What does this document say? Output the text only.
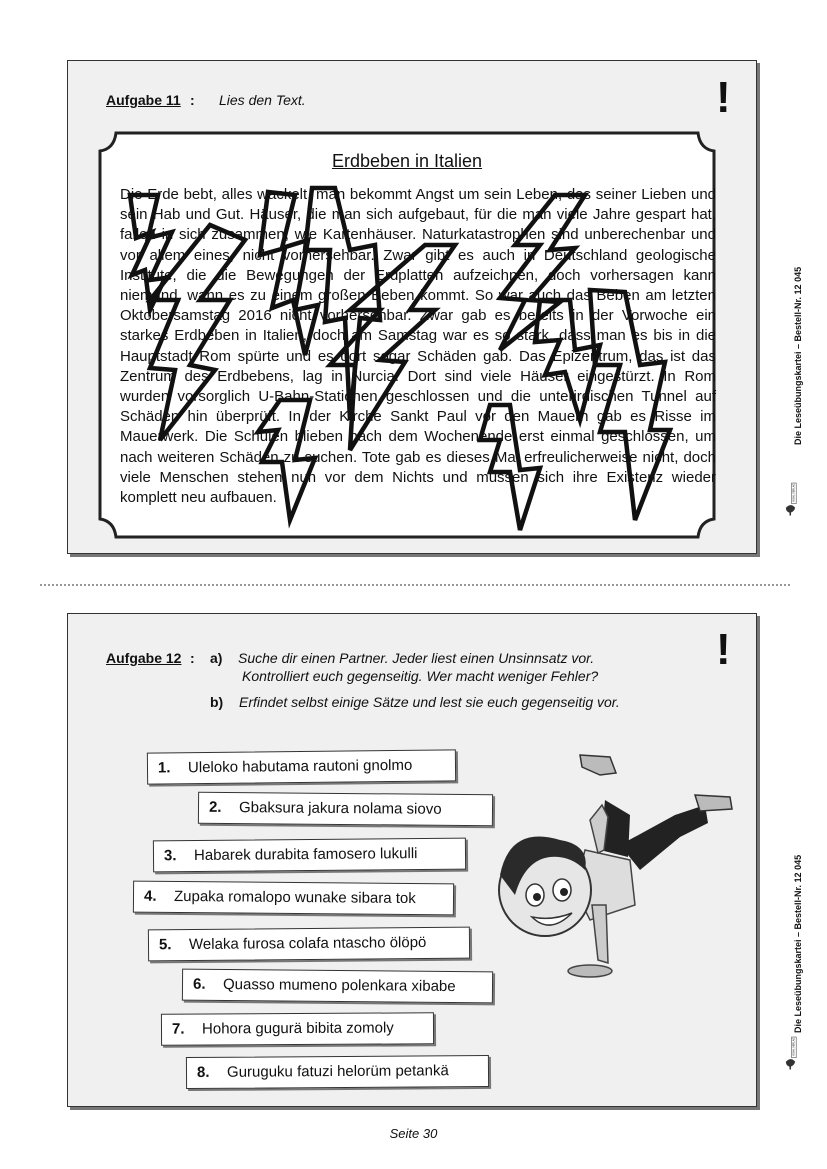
Aufgabe 11 : Lies den Text.	!
Erdbeben in Italien
Die Erde bebt, alles wackelt, man bekommt Angst um sein Leben, das seiner Lieben und sein Hab und Gut. Häuser, die man sich aufgebaut, für die man viele Jahre gespart hat, fallen in sich zusammen, wie Kartenhäuser. Naturkatastrophen sind unberechenbar und vor allem eines, nicht vorhersehbar. Zwar gibt es auch in Deutschland geologische Institute, die die Bewegungen der Erdplatten aufzeichnen, doch vorhersagen kann niemand, wann es zu einem großen Beben kommt. So war auch das Beben am letzten Oktobersamstag 2016 nicht vorhersehbar. Zwar gab es bereits in der Vorwoche ein starkes Erdbeben in Italien, doch am Samstag war es so stark, dass man es bis in die Hauptstadt Rom spürte und es dort sogar Schäden gab. Das Epizentrum, das ist das Zentrum des Erdbebens, lag in Nurcia. Dort sind viele Häuser eingestürzt. In Rom wurden vorsorglich U-Bahn-Stationen geschlossen und die unterirdischen Tunnel auf Schäden hin überprüft. In der Kirche Sankt Paul vor den Mauern gab es Risse im Mauerwerk. Die Schulen blieben nach dem Wochenende erst einmal geschlossen, um nach weiteren Schäden zu suchen. Tote gab es dieses Mal erfreulicherweise nicht, doch viele Menschen stehen nun vor dem Nichts und müssen sich ihre Existenz wieder komplett neu aufbauen.
Aufgabe 12 : a) Suche dir einen Partner. Jeder liest einen Unsinnsatz vor.
Kontrolliert euch gegenseitig. Wer macht weniger Fehler?
b) Erfindet selbst einige Sätze und lest sie euch gegenseitig vor.
!
1. Uleloko habutama rautoni gnolmo
2. Gbaksura jakura nolama siovo
3. Habarek durabita famosero lukulli
4. Zupaka romalopo wunake sibara tok
5. Welaka furosa colafa ntascho ölöpö
6. Quasso mumeno polenkara xibabe
7. Hohora gugurä bibita zomoly
8. Guruguku fatuzi helorüm petankä
Die Leseübungskartei – Bestell-Nr. 12 045
Die Leseübungskartei – Bestell-Nr. 12 045
KOHL VERLAG
KOHL VERLAG
Seite 30
